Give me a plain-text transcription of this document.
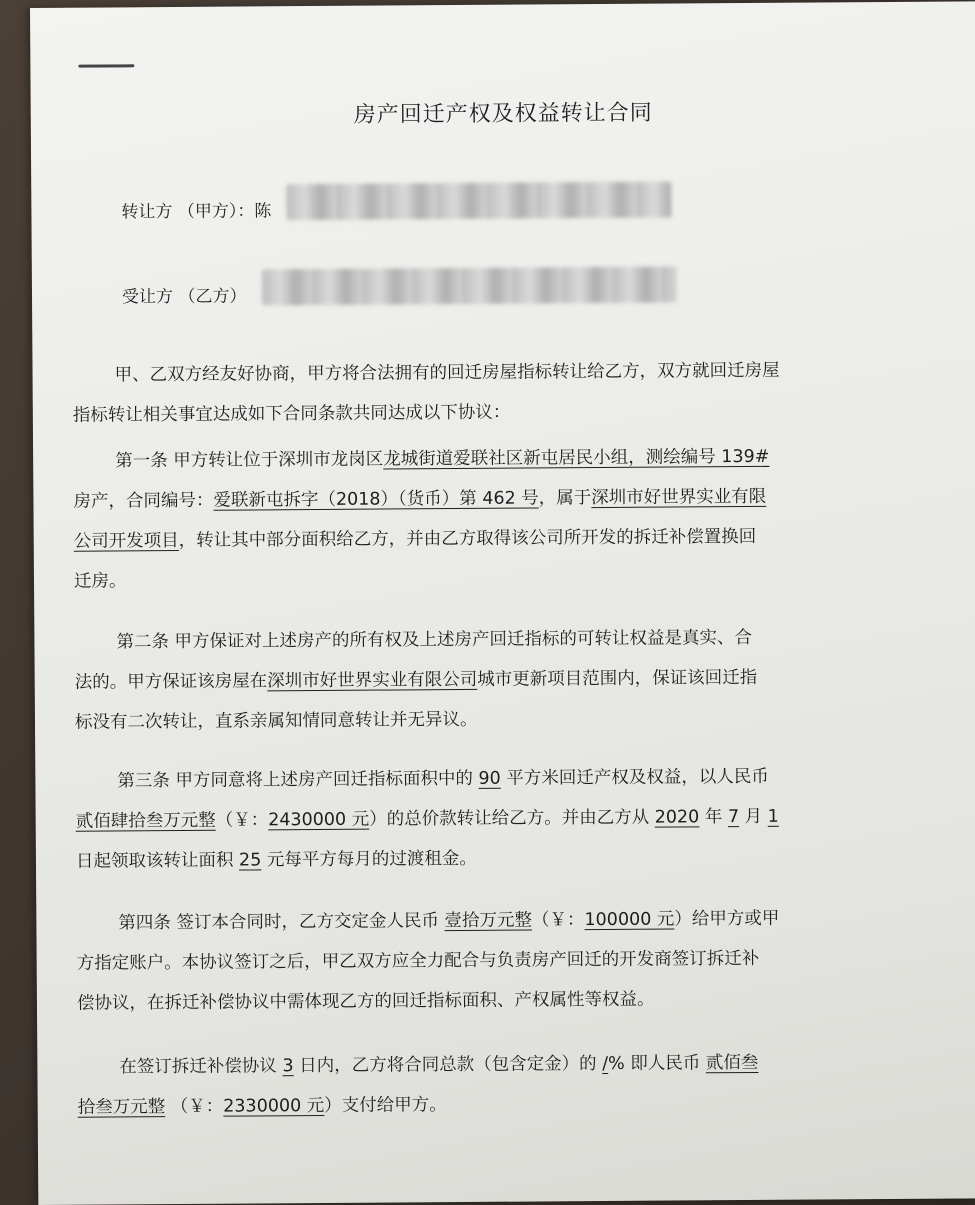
房产回迁产权及权益转让合同
转让方 （甲方）：陈
受让方 （乙方）
甲、乙双方经友好协商，甲方将合法拥有的回迁房屋指标转让给乙方，双方就回迁房屋
指标转让相关事宜达成如下合同条款共同达成以下协议：
第一条 甲方转让位于深圳市龙岗区龙城街道爱联社区新屯居民小组，测绘编号 139#
房产，合同编号：爱联新屯拆字（2018）（货币）第 462 号，属于深圳市好世界实业有限
公司开发项目，转让其中部分面积给乙方，并由乙方取得该公司所开发的拆迁补偿置换回
迁房。
第二条 甲方保证对上述房产的所有权及上述房产回迁指标的可转让权益是真实、合
法的。甲方保证该房屋在深圳市好世界实业有限公司城市更新项目范围内，保证该回迁指
标没有二次转让，直系亲属知情同意转让并无异议。
第三条 甲方同意将上述房产回迁指标面积中的 90 平方米回迁产权及权益，以人民币
贰佰肆拾叁万元整（￥：2430000 元）的总价款转让给乙方。并由乙方从 2020 年 7 月 1
日起领取该转让面积 25 元每平方每月的过渡租金。
第四条 签订本合同时，乙方交定金人民币 壹拾万元整（￥：100000 元）给甲方或甲
方指定账户。本协议签订之后，甲乙双方应全力配合与负责房产回迁的开发商签订拆迁补
偿协议，在拆迁补偿协议中需体现乙方的回迁指标面积、产权属性等权益。
在签订拆迁补偿协议 3 日内，乙方将合同总款（包含定金）的 /% 即人民币 贰佰叁
拾叁万元整 （￥：2330000 元）支付给甲方。
